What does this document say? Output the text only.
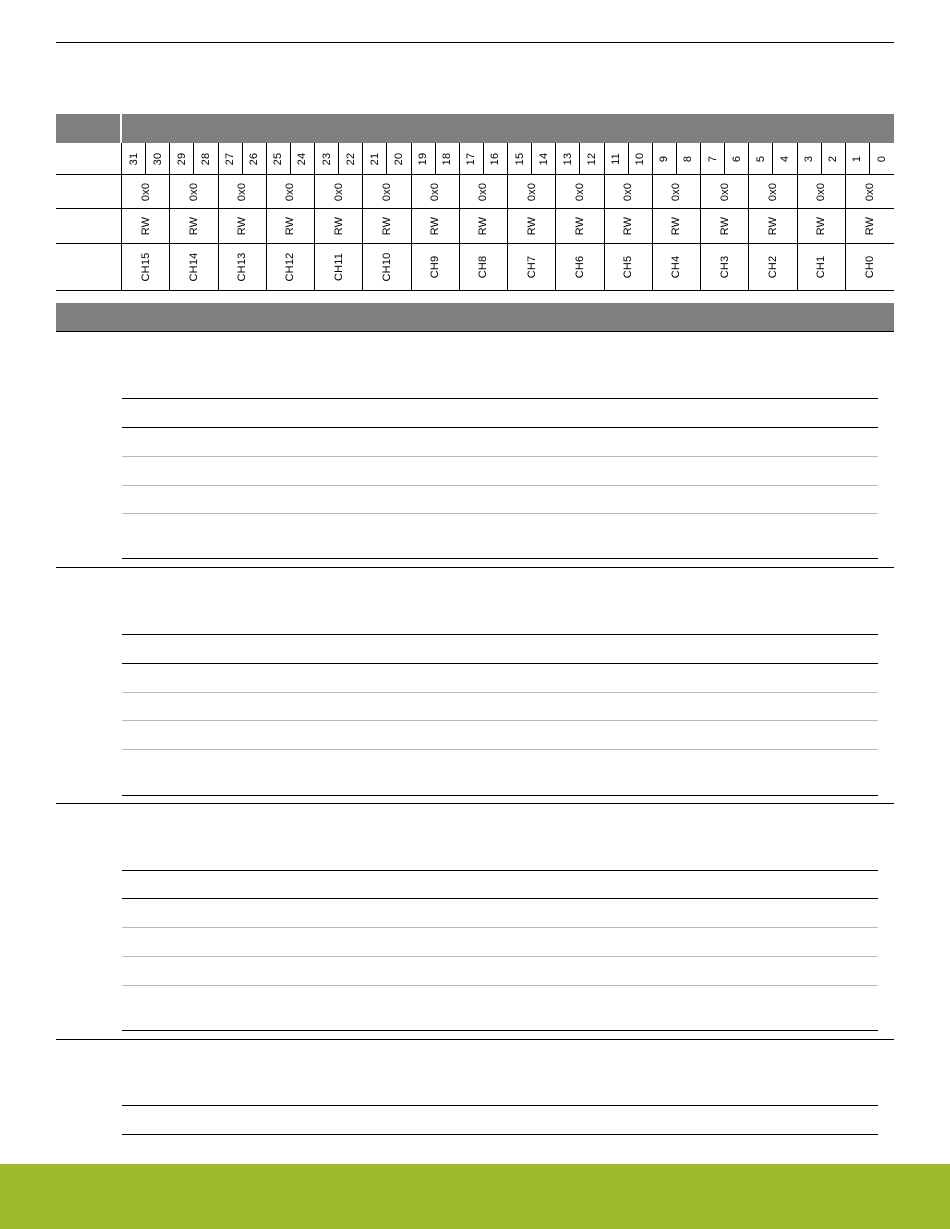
31 30 29 28 27 26 25 24 23 22 21 20 19 18 17 16 15 14 13 12 11 10 9 8 7 6 5 4 3 2 1 0
0x0	0x0	0x0	0x0	0x0	0x0	0x0	0x0	0x0	0x0	0x0	0x0	0x0	0x0	0x0	0x0
RW	RW	RW	RW	RW	RW	RW	RW	RW	RW	RW	RW	RW	RW	RW	RW
CH15	CH14	CH13	CH12	CH11	CH10	CH9	CH8	CH7	CH6	CH5	CH4	CH3	CH2	CH1	CH0
